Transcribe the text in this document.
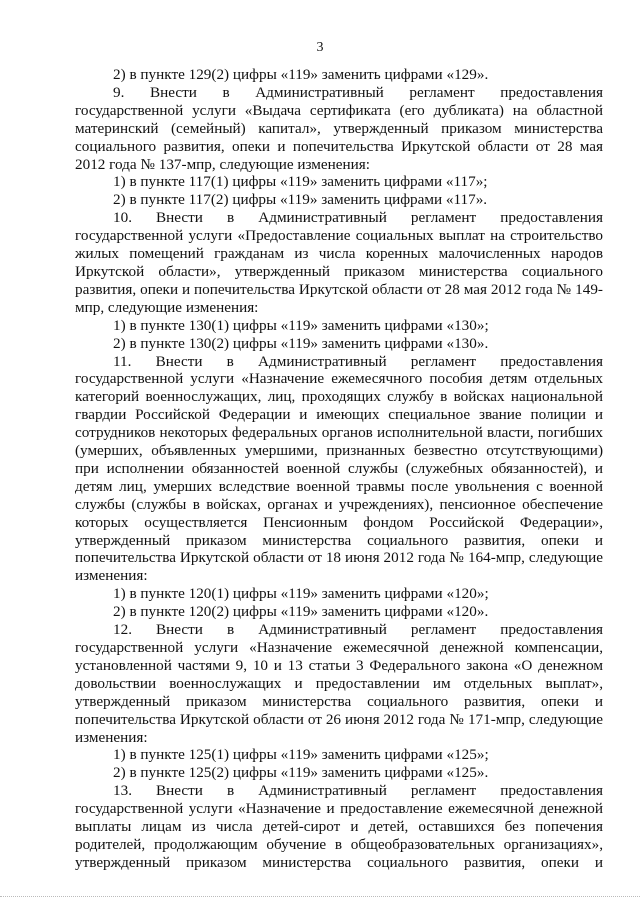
3

2) в пункте 129(2) цифры «119» заменить цифрами «129».

9. Внести в Административный регламент предоставления государственной услуги «Выдача сертификата (его дубликата) на областной материнский (семейный) капитал», утвержденный приказом министерства социального развития, опеки и попечительства Иркутской области от 28 мая 2012 года № 137-мпр, следующие изменения:

1) в пункте 117(1) цифры «119» заменить цифрами «117»;

2) в пункте 117(2) цифры «119» заменить цифрами «117».

10. Внести в Административный регламент предоставления государственной услуги «Предоставление социальных выплат на строительство жилых помещений гражданам из числа коренных малочисленных народов Иркутской области», утвержденный приказом министерства социального развития, опеки и попечительства Иркутской области от 28 мая 2012 года № 149-мпр, следующие изменения:

1) в пункте 130(1) цифры «119» заменить цифрами «130»;

2) в пункте 130(2) цифры «119» заменить цифрами «130».

11. Внести в Административный регламент предоставления государственной услуги «Назначение ежемесячного пособия детям отдельных категорий военнослужащих, лиц, проходящих службу в войсках национальной гвардии Российской Федерации и имеющих специальное звание полиции и сотрудников некоторых федеральных органов исполнительной власти, погибших (умерших, объявленных умершими, признанных безвестно отсутствующими) при исполнении обязанностей военной службы (служебных обязанностей), и детям лиц, умерших вследствие военной травмы после увольнения с военной службы (службы в войсках, органах и учреждениях), пенсионное обеспечение которых осуществляется Пенсионным фондом Российской Федерации», утвержденный приказом министерства социального развития, опеки и попечительства Иркутской области от 18 июня 2012 года № 164-мпр, следующие изменения:

1) в пункте 120(1) цифры «119» заменить цифрами «120»;

2) в пункте 120(2) цифры «119» заменить цифрами «120».

12. Внести в Административный регламент предоставления государственной услуги «Назначение ежемесячной денежной компенсации, установленной частями 9, 10 и 13 статьи 3 Федерального закона «О денежном довольствии военнослужащих и предоставлении им отдельных выплат», утвержденный приказом министерства социального развития, опеки и попечительства Иркутской области от 26 июня 2012 года № 171-мпр, следующие изменения:

1) в пункте 125(1) цифры «119» заменить цифрами «125»;

2) в пункте 125(2) цифры «119» заменить цифрами «125».

13. Внести в Административный регламент предоставления государственной услуги «Назначение и предоставление ежемесячной денежной выплаты лицам из числа детей-сирот и детей, оставшихся без попечения родителей, продолжающим обучение в общеобразовательных организациях», утвержденный приказом министерства социального развития, опеки и
